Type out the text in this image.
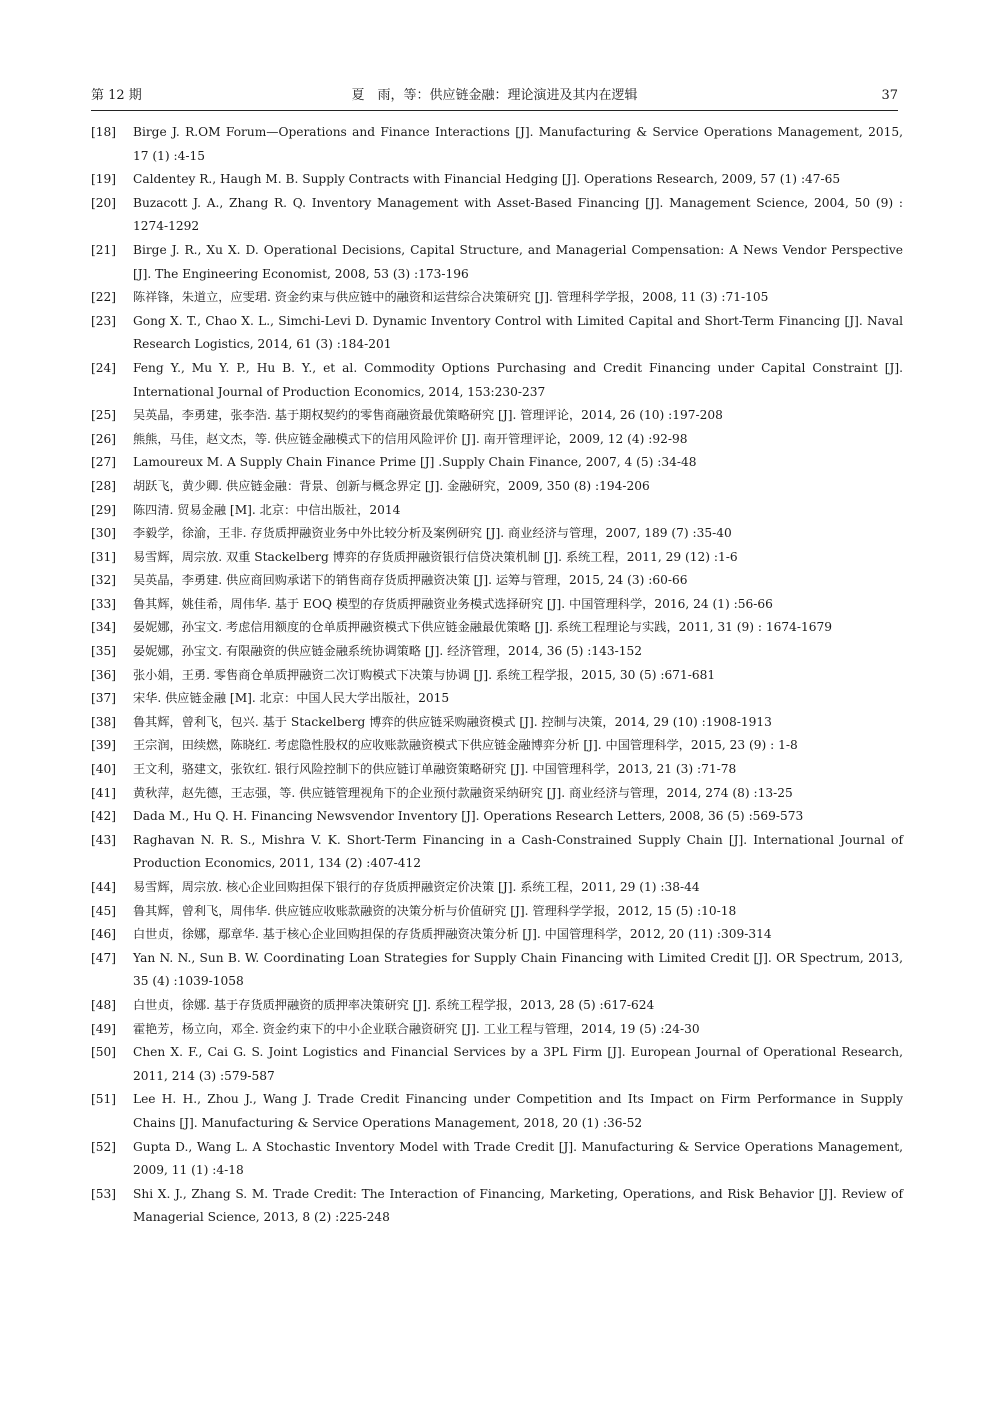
第 12 期	夏　雨，等：供应链金融：理论演进及其内在逻辑	37
[18] Birge J. R.OM Forum—Operations and Finance Interactions [J]. Manufacturing & Service Operations Management, 2015, 17 (1) :4-15
[19] Caldentey R., Haugh M. B. Supply Contracts with Financial Hedging [J]. Operations Research, 2009, 57 (1) :47-65
[20] Buzacott J. A., Zhang R. Q. Inventory Management with Asset-Based Financing [J]. Management Science, 2004, 50 (9) : 1274-1292
[21] Birge J. R., Xu X. D. Operational Decisions, Capital Structure, and Managerial Compensation: A News Vendor Perspective [J]. The Engineering Economist, 2008, 53 (3) :173-196
[22] 陈祥锋，朱道立，应雯珺. 资金约束与供应链中的融资和运营综合决策研究 [J]. 管理科学学报，2008, 11 (3) :71-105
[23] Gong X. T., Chao X. L., Simchi-Levi D. Dynamic Inventory Control with Limited Capital and Short-Term Financing [J]. Naval Research Logistics, 2014, 61 (3) :184-201
[24] Feng Y., Mu Y. P., Hu B. Y., et al. Commodity Options Purchasing and Credit Financing under Capital Constraint [J]. International Journal of Production Economics, 2014, 153:230-237
[25] 吴英晶，李勇建，张李浩. 基于期权契约的零售商融资最优策略研究 [J]. 管理评论，2014, 26 (10) :197-208
[26] 熊熊，马佳，赵文杰，等. 供应链金融模式下的信用风险评价 [J]. 南开管理评论，2009, 12 (4) :92-98
[27] Lamoureux M. A Supply Chain Finance Prime [J] .Supply Chain Finance, 2007, 4 (5) :34-48
[28] 胡跃飞，黄少卿. 供应链金融：背景、创新与概念界定 [J]. 金融研究，2009, 350 (8) :194-206
[29] 陈四清. 贸易金融 [M]. 北京：中信出版社，2014
[30] 李毅学，徐渝，王非. 存货质押融资业务中外比较分析及案例研究 [J]. 商业经济与管理，2007, 189 (7) :35-40
[31] 易雪辉，周宗放. 双重 Stackelberg 博弈的存货质押融资银行信贷决策机制 [J]. 系统工程，2011, 29 (12) :1-6
[32] 吴英晶，李勇建. 供应商回购承诺下的销售商存货质押融资决策 [J]. 运筹与管理，2015, 24 (3) :60-66
[33] 鲁其辉，姚佳希，周伟华. 基于 EOQ 模型的存货质押融资业务模式选择研究 [J]. 中国管理科学，2016, 24 (1) :56-66
[34] 晏妮娜，孙宝文. 考虑信用额度的仓单质押融资模式下供应链金融最优策略 [J]. 系统工程理论与实践，2011, 31 (9) : 1674-1679
[35] 晏妮娜，孙宝文. 有限融资的供应链金融系统协调策略 [J]. 经济管理，2014, 36 (5) :143-152
[36] 张小娟，王勇. 零售商仓单质押融资二次订购模式下决策与协调 [J]. 系统工程学报，2015, 30 (5) :671-681
[37] 宋华. 供应链金融 [M]. 北京：中国人民大学出版社，2015
[38] 鲁其辉，曾利飞，包兴. 基于 Stackelberg 博弈的供应链采购融资模式 [J]. 控制与决策，2014, 29 (10) :1908-1913
[39] 王宗润，田续燃，陈晓红. 考虑隐性股权的应收账款融资模式下供应链金融博弈分析 [J]. 中国管理科学，2015, 23 (9) : 1-8
[40] 王文利，骆建文，张钦红. 银行风险控制下的供应链订单融资策略研究 [J]. 中国管理科学，2013, 21 (3) :71-78
[41] 黄秋萍，赵先德，王志强，等. 供应链管理视角下的企业预付款融资采纳研究 [J]. 商业经济与管理，2014, 274 (8) :13-25
[42] Dada M., Hu Q. H. Financing Newsvendor Inventory [J]. Operations Research Letters, 2008, 36 (5) :569-573
[43] Raghavan N. R. S., Mishra V. K. Short-Term Financing in a Cash-Constrained Supply Chain [J]. International Journal of Production Economics, 2011, 134 (2) :407-412
[44] 易雪辉，周宗放. 核心企业回购担保下银行的存货质押融资定价决策 [J]. 系统工程，2011, 29 (1) :38-44
[45] 鲁其辉，曾利飞，周伟华. 供应链应收账款融资的决策分析与价值研究 [J]. 管理科学学报，2012, 15 (5) :10-18
[46] 白世贞，徐娜，鄢章华. 基于核心企业回购担保的存货质押融资决策分析 [J]. 中国管理科学，2012, 20 (11) :309-314
[47] Yan N. N., Sun B. W. Coordinating Loan Strategies for Supply Chain Financing with Limited Credit [J]. OR Spectrum, 2013, 35 (4) :1039-1058
[48] 白世贞，徐娜. 基于存货质押融资的质押率决策研究 [J]. 系统工程学报，2013, 28 (5) :617-624
[49] 霍艳芳，杨立向，邓全. 资金约束下的中小企业联合融资研究 [J]. 工业工程与管理，2014, 19 (5) :24-30
[50] Chen X. F., Cai G. S. Joint Logistics and Financial Services by a 3PL Firm [J]. European Journal of Operational Research, 2011, 214 (3) :579-587
[51] Lee H. H., Zhou J., Wang J. Trade Credit Financing under Competition and Its Impact on Firm Performance in Supply Chains [J]. Manufacturing & Service Operations Management, 2018, 20 (1) :36-52
[52] Gupta D., Wang L. A Stochastic Inventory Model with Trade Credit [J]. Manufacturing & Service Operations Management, 2009, 11 (1) :4-18
[53] Shi X. J., Zhang S. M. Trade Credit: The Interaction of Financing, Marketing, Operations, and Risk Behavior [J]. Review of Managerial Science, 2013, 8 (2) :225-248
